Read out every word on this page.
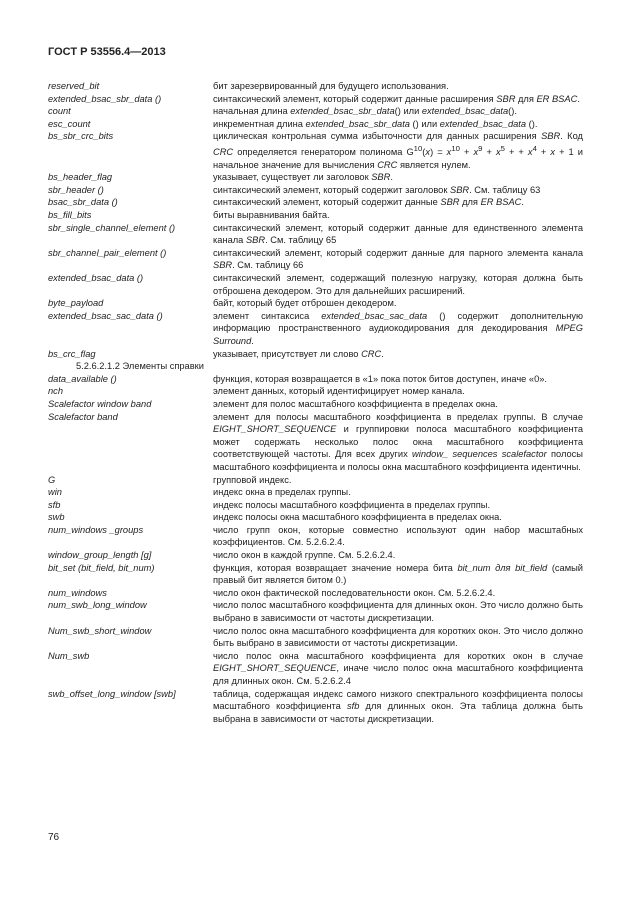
ГОСТ Р 53556.4—2013
reserved_bit	бит зарезервированный для будущего использования.
extended_bsac_sbr_data ()	синтаксический элемент, который содержит данные расширения SBR для ER BSAC.
count	начальная длина extended_bsac_sbr_data() или extended_bsac_data().
esc_count	инкрементная длина extended_bsac_sbr_data () или extended_bsac_data ().
bs_sbr_crc_bits	циклическая контрольная сумма избыточности для данных расширения SBR. Код CRC определяется генератором полинома $G^{10}(x) = x^{10} + x^9 + x^5$ + + $x^4 + x + 1$ и начальное значение для вычисления CRC является нулем.
bs_header_flag	указывает, существует ли заголовок SBR.
sbr_header ()	синтаксический элемент, который содержит заголовок SBR. См. таблицу 63
bsac_sbr_data ()	синтаксический элемент, который содержит данные SBR для ER BSAC.
bs_fill_bits	биты выравнивания байта.
sbr_single_channel_element ()	синтаксический элемент, который содержит данные для единственного элемента канала SBR. См. таблицу 65
sbr_channel_pair_element ()	синтаксический элемент, который содержит данные для парного элемента канала SBR. См. таблицу 66
extended_bsac_data ()	синтаксический элемент, содержащий полезную нагрузку, которая должна быть отброшена декодером. Это для дальнейших расширений.
byte_payload	байт, который будет отброшен декодером.
extended_bsac_sac_data ()	элемент синтаксиса extended_bsac_sac_data () содержит дополнительную информацию пространственного аудиокодирования для декодирования MPEG Surround.
bs_crc_flag	указывает, присутствует ли слово CRC.
5.2.6.2.1.2 Элементы справки
data_available ()	функция, которая возвращается в «1» пока поток битов доступен, иначе «0».
nch	элемент данных, который идентифицирует номер канала.
Scalefactor window band	элемент для полос масштабного коэффициента в пределах окна.
Scalefactor band	элемент для полосы масштабного коэффициента в пределах группы. В случае EIGHT_SHORT_SEQUENCE и группировки полоса масштабного коэффициента может содержать несколько полос окна масштабного коэффициента соответствующей частоты. Для всех других window_ sequences scalefactor полосы масштабного коэффициента и полосы окна масштабного коэффициента идентичны.
G	групповой индекс.
win	индекс окна в пределах группы.
sfb	индекс полосы масштабного коэффициента в пределах группы.
swb	индекс полосы окна масштабного коэффициента в пределах окна.
num_windows _groups	число групп окон, которые совместно используют один набор масштабных коэффициентов. См. 5.2.6.2.4.
window_group_length [g]	число окон в каждой группе. См. 5.2.6.2.4.
bit_set (bit_field, bit_num)	функция, которая возвращает значение номера бита bit_num для bit_field (самый правый бит является битом 0.)
num_windows	число окон фактической последовательности окон. См. 5.2.6.2.4.
num_swb_long_window	число полос масштабного коэффициента для длинных окон. Это число должно быть выбрано в зависимости от частоты дискретизации.
Num_swb_short_window	число полос окна масштабного коэффициента для коротких окон. Это число должно быть выбрано в зависимости от частоты дискретизации.
Num_swb	число полос окна масштабного коэффициента для коротких окон в случае EIGHT_SHORT_SEQUENCE, иначе число полос окна масштабного коэффициента для длинных окон. См. 5.2.6.2.4
swb_offset_long_window [swb]	таблица, содержащая индекс самого низкого спектрального коэффициента полосы масштабного коэффициента sfb для длинных окон. Эта таблица должна быть выбрана в зависимости от частоты дискретизации.
76
